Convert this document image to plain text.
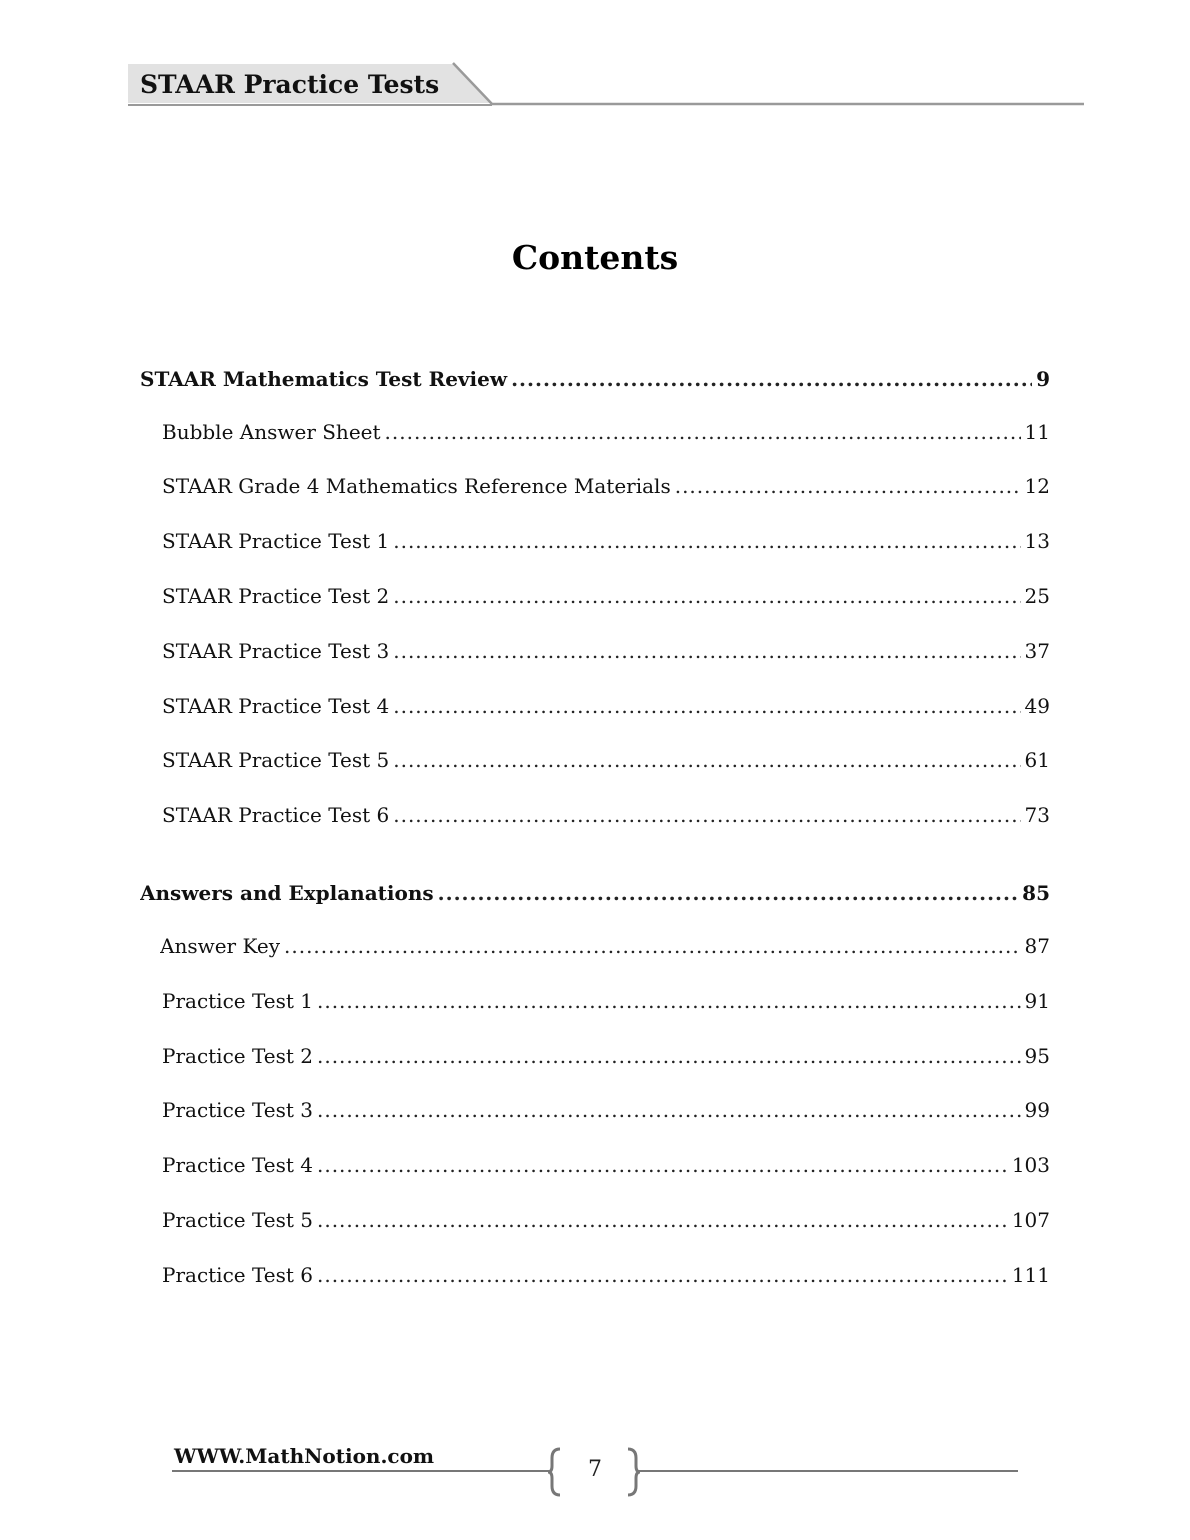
STAAR Practice Tests
Contents
STAAR Mathematics Test Review .....	9
Bubble Answer Sheet .....	11
STAAR Grade 4 Mathematics Reference Materials .....	12
STAAR Practice Test 1 .....	13
STAAR Practice Test 2 .....	25
STAAR Practice Test 3 .....	37
STAAR Practice Test 4 .....	49
STAAR Practice Test 5 .....	61
STAAR Practice Test 6 .....	73
Answers and Explanations .....	85
Answer Key .....	87
Practice Test 1 .....	91
Practice Test 2 .....	95
Practice Test 3 .....	99
Practice Test 4 .....	103
Practice Test 5 .....	107
Practice Test 6 .....	111
WWW.MathNotion.com
7
